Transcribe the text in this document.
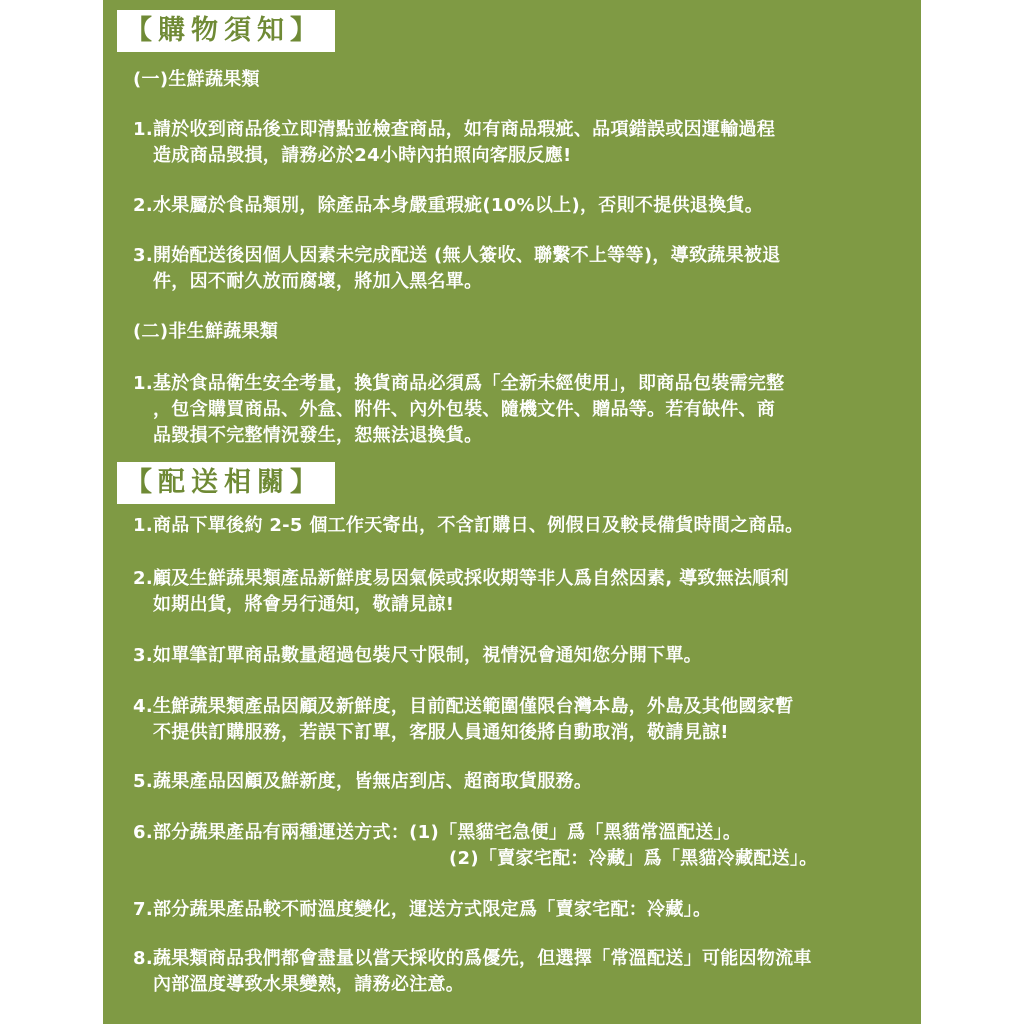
【購物須知】
(一)生鮮蔬果類
1.請於收到商品後立即清點並檢查商品，如有商品瑕疵、品項錯誤或因運輸過程
造成商品毀損，請務必於24小時內拍照向客服反應!
2.水果屬於食品類別，除產品本身嚴重瑕疵(10%以上)，否則不提供退換貨。
3.開始配送後因個人因素未完成配送 (無人簽收、聯繫不上等等)，導致蔬果被退
件，因不耐久放而腐壞，將加入黑名單。
(二)非生鮮蔬果類
1.基於食品衛生安全考量，換貨商品必須爲「全新未經使用」，即商品包裝需完整
，包含購買商品、外盒、附件、內外包裝、隨機文件、贈品等。若有缺件、商
品毀損不完整情況發生，恕無法退換貨。
【配送相關】
1.商品下單後約 2-5 個工作天寄出，不含訂購日、例假日及較長備貨時間之商品。
2.顧及生鮮蔬果類產品新鮮度易因氣候或採收期等非人爲自然因素, 導致無法順利
如期出貨，將會另行通知，敬請見諒!
3.如單筆訂單商品數量超過包裝尺寸限制，視情況會通知您分開下單。
4.生鮮蔬果類產品因顧及新鮮度，目前配送範圍僅限台灣本島，外島及其他國家暫
不提供訂購服務，若誤下訂單，客服人員通知後將自動取消，敬請見諒!
5.蔬果產品因顧及鮮新度，皆無店到店、超商取貨服務。
6.部分蔬果產品有兩種運送方式：(1)「黑貓宅急便」爲「黑貓常溫配送」。
(2)「賣家宅配：冷藏」爲「黑貓冷藏配送」。
7.部分蔬果產品較不耐溫度變化，運送方式限定爲「賣家宅配：冷藏」。
8.蔬果類商品我們都會盡量以當天採收的爲優先，但選擇「常溫配送」可能因物流車
內部溫度導致水果變熟，請務必注意。
